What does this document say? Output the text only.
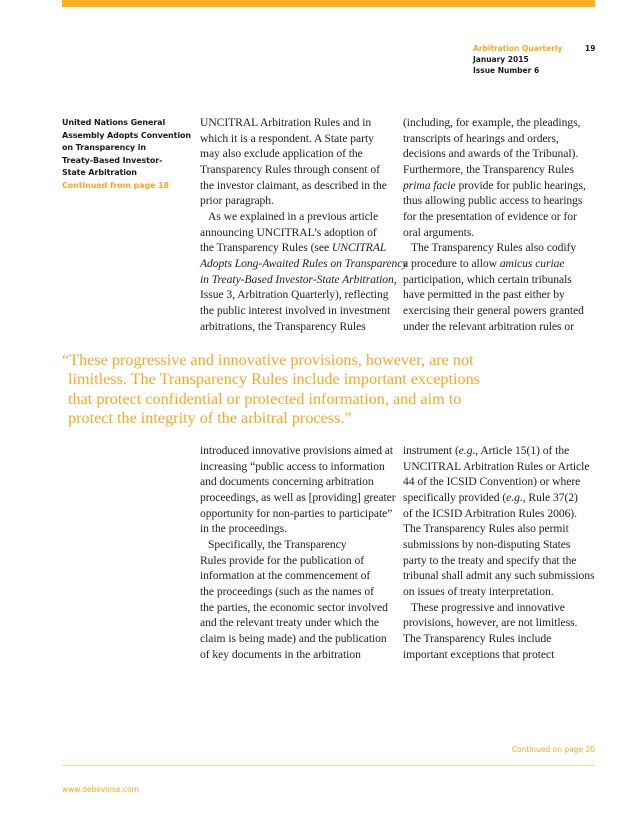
Arbitration Quarterly	19
January 2015
Issue Number 6
United Nations General
Assembly Adopts Convention
on Transparency in
Treaty-Based Investor-
State Arbitration
Continued from page 18
UNCITRAL Arbitration Rules and in
which it is a respondent. A State party
may also exclude application of the
Transparency Rules through consent of
the investor claimant, as described in the
prior paragraph.
As we explained in a previous article
announcing UNCITRAL’s adoption of
the Transparency Rules (see UNCITRAL
Adopts Long-Awaited Rules on Transparency
in Treaty-Based Investor-State Arbitration,
Issue 3, Arbitration Quarterly), reflecting
the public interest involved in investment
arbitrations, the Transparency Rules
(including, for example, the pleadings,
transcripts of hearings and orders,
decisions and awards of the Tribunal).
Furthermore, the Transparency Rules
prima facie provide for public hearings,
thus allowing public access to hearings
for the presentation of evidence or for
oral arguments.
The Transparency Rules also codify
a procedure to allow amicus curiae
participation, which certain tribunals
have permitted in the past either by
exercising their general powers granted
under the relevant arbitration rules or
“These progressive and innovative provisions, however, are not
limitless. The Transparency Rules include important exceptions
that protect confidential or protected information, and aim to
protect the integrity of the arbitral process.”
introduced innovative provisions aimed at
increasing “public access to information
and documents concerning arbitration
proceedings, as well as [providing] greater
opportunity for non-parties to participate”
in the proceedings.
Specifically, the Transparency
Rules provide for the publication of
information at the commencement of
the proceedings (such as the names of
the parties, the economic sector involved
and the relevant treaty under which the
claim is being made) and the publication
of key documents in the arbitration
instrument (e.g., Article 15(1) of the
UNCITRAL Arbitration Rules or Article
44 of the ICSID Convention) or where
specifically provided (e.g., Rule 37(2)
of the ICSID Arbitration Rules 2006).
The Transparency Rules also permit
submissions by non-disputing States
party to the treaty and specify that the
tribunal shall admit any such submissions
on issues of treaty interpretation.
These progressive and innovative
provisions, however, are not limitless.
The Transparency Rules include
important exceptions that protect
Continued on page 20
www.debevoise.com
